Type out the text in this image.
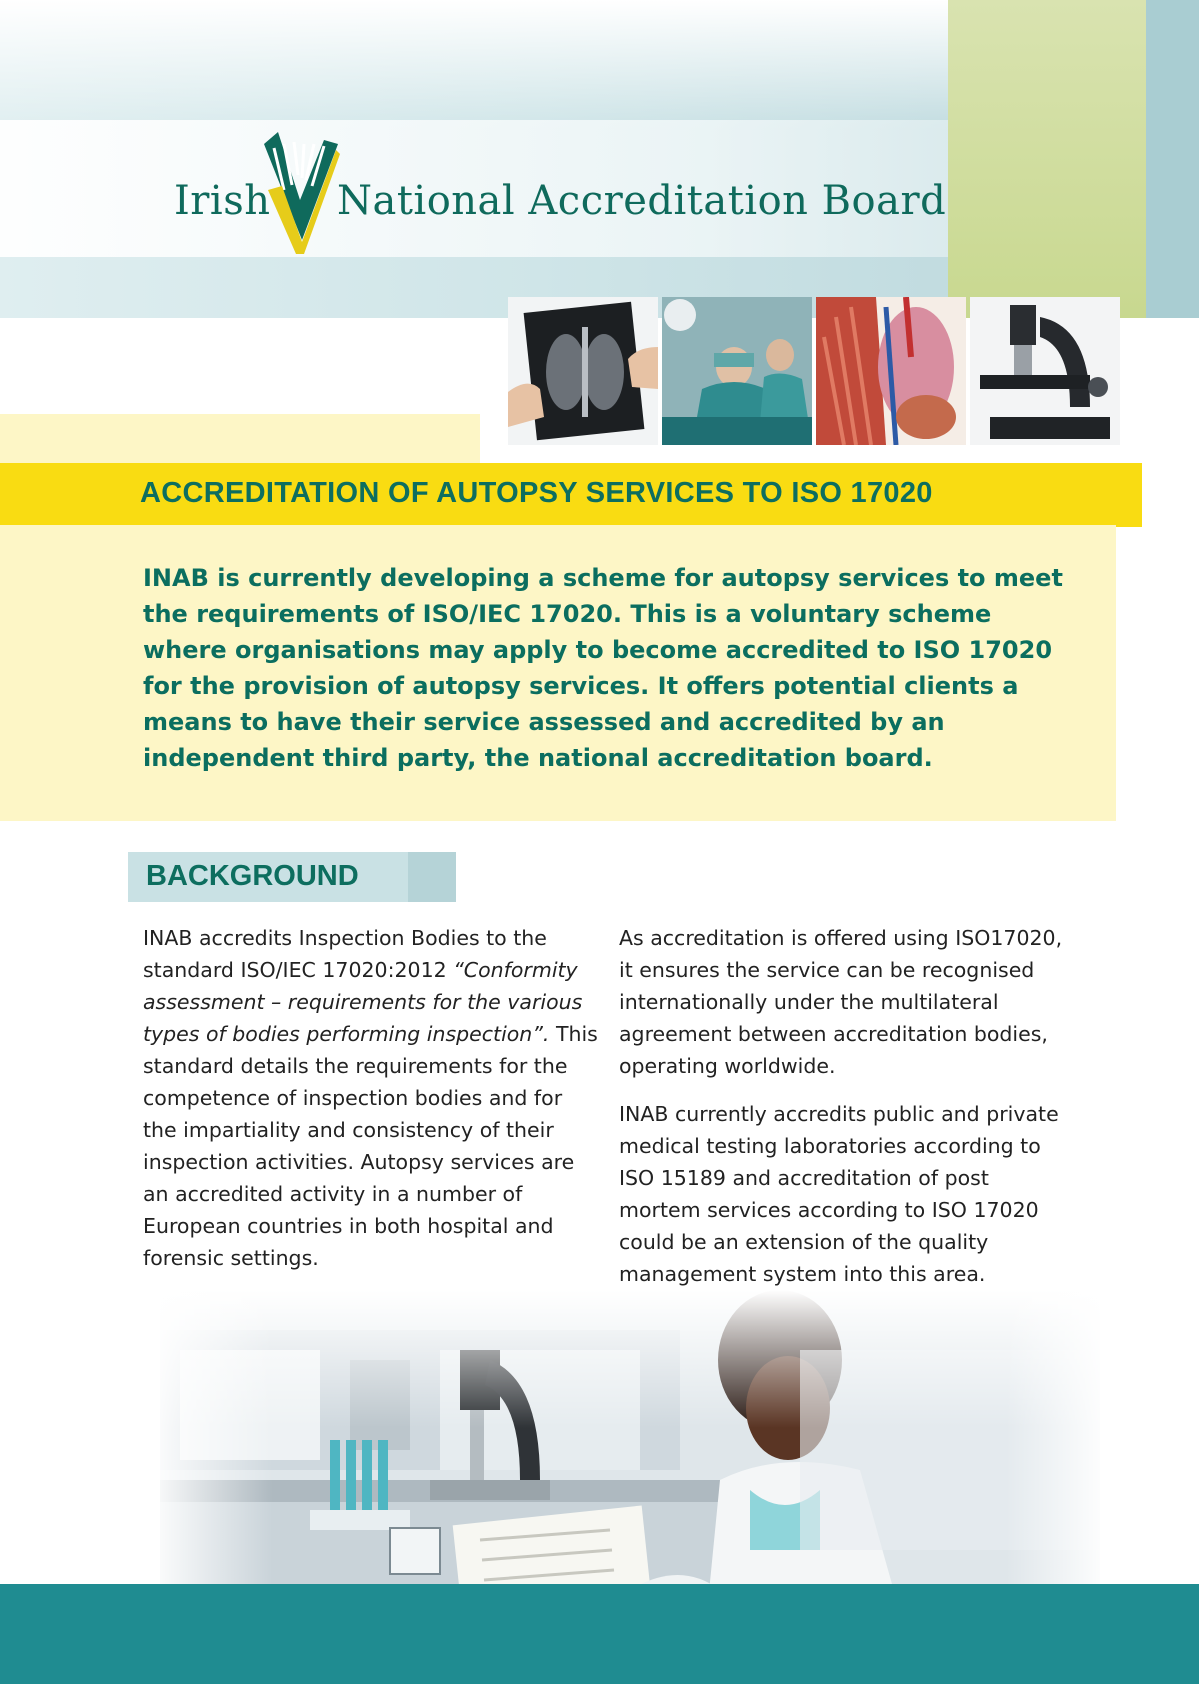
Irish National Accreditation Board
ACCREDITATION OF AUTOPSY SERVICES TO ISO 17020

INAB is currently developing a scheme for autopsy services to meet the requirements of ISO/IEC 17020. This is a voluntary scheme where organisations may apply to become accredited to ISO 17020 for the provision of autopsy services. It offers potential clients a means to have their service assessed and accredited by an independent third party, the national accreditation board.

BACKGROUND

INAB accredits Inspection Bodies to the standard ISO/IEC 17020:2012 “Conformity assessment – requirements for the various types of bodies performing inspection”. This standard details the requirements for the competence of inspection bodies and for the impartiality and consistency of their inspection activities. Autopsy services are an accredited activity in a number of European countries in both hospital and forensic settings.

As accreditation is offered using ISO17020, it ensures the service can be recognised internationally under the multilateral agreement between accreditation bodies, operating worldwide.

INAB currently accredits public and private medical testing laboratories according to ISO 15189 and accreditation of post mortem services according to ISO 17020 could be an extension of the quality management system into this area.
